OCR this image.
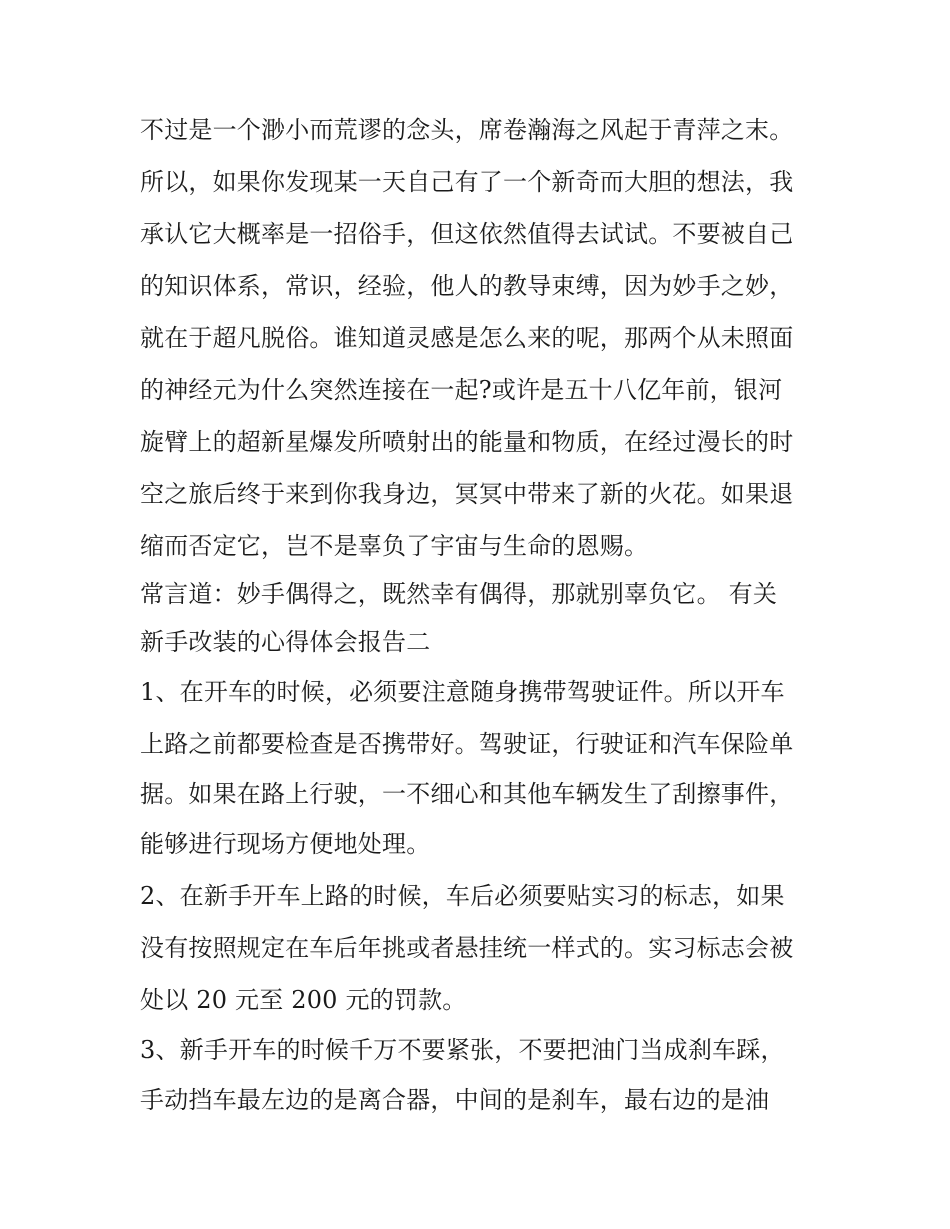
不过是一个渺小而荒谬的念头，席卷瀚海之风起于青萍之末。
所以，如果你发现某一天自己有了一个新奇而大胆的想法，我
承认它大概率是一招俗手，但这依然值得去试试。不要被自己
的知识体系，常识，经验，他人的教导束缚，因为妙手之妙，
就在于超凡脱俗。谁知道灵感是怎么来的呢，那两个从未照面
的神经元为什么突然连接在一起?或许是五十八亿年前，银河
旋臂上的超新星爆发所喷射出的能量和物质，在经过漫长的时
空之旅后终于来到你我身边，冥冥中带来了新的火花。如果退
缩而否定它，岂不是辜负了宇宙与生命的恩赐。
常言道：妙手偶得之，既然幸有偶得，那就别辜负它。 有关
新手改装的心得体会报告二
1、在开车的时候，必须要注意随身携带驾驶证件。所以开车
上路之前都要检查是否携带好。驾驶证，行驶证和汽车保险单
据。如果在路上行驶，一不细心和其他车辆发生了刮擦事件，
能够进行现场方便地处理。
2、在新手开车上路的时候，车后必须要贴实习的标志，如果
没有按照规定在车后年挑或者悬挂统一样式的。实习标志会被
处以 20 元至 200 元的罚款。
3、新手开车的时候千万不要紧张，不要把油门当成刹车踩，
手动挡车最左边的是离合器，中间的是刹车，最右边的是油
